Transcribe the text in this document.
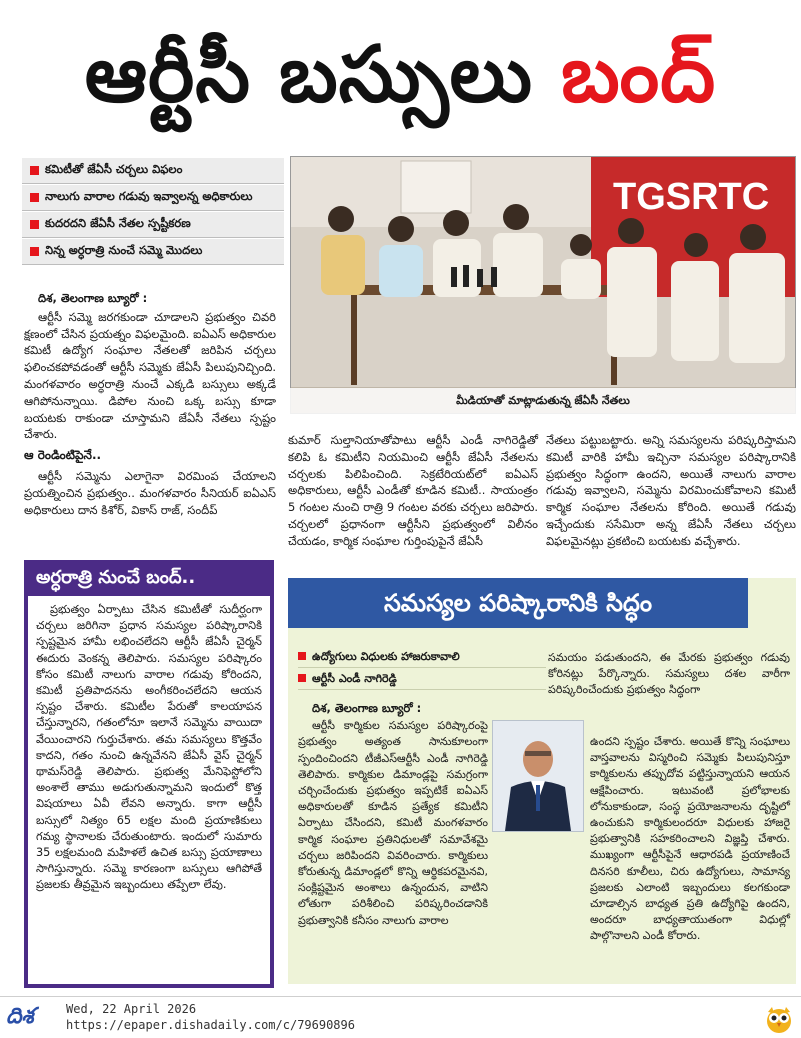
ఆర్టీసీ బస్సులు బంద్
కమిటీతో జేఏసీ చర్చలు విఫలం
నాలుగు వారాల గడువు ఇవ్వాలన్న అధికారులు
కుదరదని జేఏసీ నేతల స్పష్టీకరణ
నిన్న అర్ధరాత్రి నుంచే సమ్మె మొదలు
TGSRTC
మీడియాతో మాట్లాడుతున్న జేఏసీ నేతలు
దిశ, తెలంగాణ బ్యూరో :

ఆర్టీసీ సమ్మె జరగకుండా చూడాలని ప్రభుత్వం చివరి క్షణంలో చేసిన ప్రయత్నం విఫలమైంది. ఐఏఎస్ అధికారుల కమిటీ ఉద్యోగ సంఘాల నేతలతో జరిపిన చర్చలు ఫలించకపోవడంతో ఆర్టీసీ సమ్మెకు జేఏసీ పిలుపునిచ్చింది. మంగళవారం అర్ధరాత్రి నుంచే ఎక్కడి బస్సులు అక్కడే ఆగిపోనున్నాయి. డిపోల నుంచి ఒక్క బస్సు కూడా బయటకు రాకుండా చూస్తామని జేఏసీ నేతలు స్పష్టం చేశారు.

ఆ రెండింటిపైనే..

ఆర్టీసీ సమ్మెను ఎలాగైనా విరమింప చేయాలని ప్రయత్నించిన ప్రభుత్వం.. మంగళవారం సీనియర్ ఐఏఎస్ అధికారులు దాన కిశోర్, వికాస్ రాజ్, సందీప్

కుమార్ సుల్తానియాతోపాటు ఆర్టీసీ ఎండీ నాగిరెడ్డితో కలిపి ఓ కమిటీని నియమించి ఆర్టీసీ జేఏసీ నేతలను చర్చలకు పిలిపించింది. సెక్రటేరియట్‌లో ఐఏఎస్ అధికారులు, ఆర్టీసీ ఎండీతో కూడిన కమిటీ.. సాయంత్రం 5 గంటల నుంచి రాత్రి 9 గంటల వరకు చర్చలు జరిపారు. చర్చలలో ప్రధానంగా ఆర్టీసీని ప్రభుత్వంలో విలీనం చేయడం, కార్మిక సంఘాల గుర్తింపుపైనే జేఏసీ

నేతలు పట్టుబట్టారు. అన్ని సమస్యలను పరిష్కరిస్తామని కమిటీ వారికి హామీ ఇచ్చినా సమస్యల పరిష్కారానికి ప్రభుత్వం సిద్ధంగా ఉందని, అయితే నాలుగు వారాల గడువు ఇవ్వాలని, సమ్మెను విరమించుకోవాలని కమిటీ కార్మిక సంఘాల నేతలను కోరింది. అయితే గడువు ఇచ్చేందుకు ససేమిరా అన్న జేఏసీ నేతలు చర్చలు విఫలమైనట్లు ప్రకటించి బయటకు వచ్చేశారు.

అర్ధరాత్రి నుంచే బంద్..

ప్రభుత్వం ఏర్పాటు చేసిన కమిటీతో సుదీర్ఘంగా చర్చలు జరిగినా ప్రధాన సమస్యల పరిష్కారానికి స్పష్టమైన హామీ లభించలేదని ఆర్టీసీ జేఏసీ చైర్మన్ ఈదురు వెంకన్న తెలిపారు. సమస్యల పరిష్కారం కోసం కమిటీ నాలుగు వారాల గడువు కోరిందని, కమిటీ ప్రతిపాదనను అంగీకరించలేదని ఆయన స్పష్టం చేశారు. కమిటీల పేరుతో కాలయాపన చేస్తున్నారని, గతంలోనూ ఇలానే సమ్మెను వాయిదా వేయించారని గుర్తుచేశారు. తమ సమస్యలు కొత్తవేం కాదని, గతం నుంచి ఉన్నవేనని జేఏసీ వైస్ చైర్మన్ థామస్‌రెడ్డి తెలిపారు. ప్రభుత్వ మేనిఫెస్టోలోని అంశాలే తాము అడుగుతున్నామని ఇందులో కొత్త విషయాలు ఏవీ లేవని అన్నారు. కాగా ఆర్టీసీ బస్సులో నిత్యం 65 లక్షల మంది ప్రయాణికులు గమ్య స్థానాలకు చేరుతుంటారు. ఇందులో సుమారు 35 లక్షలమంది మహిళలే ఉచిత బస్సు ప్రయాణాలు సాగిస్తున్నారు. సమ్మె కారణంగా బస్సులు ఆగిపోతే ప్రజలకు తీవ్రమైన ఇబ్బందులు తప్పేలా లేవు.

సమస్యల పరిష్కారానికి సిద్ధం
ఉద్యోగులు విధులకు హాజరుకావాలి
ఆర్టీసీ ఎండీ నాగిరెడ్డి
దిశ, తెలంగాణ బ్యూరో :

ఆర్టీసీ కార్మికుల సమస్యల పరిష్కారంపై ప్రభుత్వం అత్యంత సానుకూలంగా స్పందించిందని టీజీఎస్ఆర్టీసీ ఎండీ నాగిరెడ్డి తెలిపారు. కార్మికుల డిమాండ్లపై సమగ్రంగా చర్చించేందుకు ప్రభుత్వం ఇప్పటికే ఐఏఎస్ అధికారులతో కూడిన ప్రత్యేక కమిటీని ఏర్పాటు చేసిందని, కమిటీ మంగళవారం కార్మిక సంఘాల ప్రతినిధులతో సమావేశమై చర్చలు జరిపిందని వివరించారు. కార్మికులు కోరుతున్న డిమాండ్లలో కొన్ని ఆర్థికపరమైనవి, సంక్లిష్టమైన అంశాలు ఉన్నందున, వాటిని లోతుగా పరిశీలించి పరిష్కరించడానికి ప్రభుత్వానికి కనీసం నాలుగు వారాల

సమయం పడుతుందని, ఈ మేరకు ప్రభుత్వం గడువు కోరినట్లు పేర్కొన్నారు. సమస్యలు దశల వారీగా పరిష్కరించేందుకు ప్రభుత్వం సిద్ధంగా

ఉందని స్పష్టం చేశారు. అయితే కొన్ని సంఘాలు వాస్తవాలను విస్మరించి సమ్మెకు పిలుపునిస్తూ కార్మికులను తప్పుదోవ పట్టిస్తున్నాయని ఆయన ఆక్షేపించారు. ఇటువంటి ప్రలోభాలకు లోనుకాకుండా, సంస్థ ప్రయోజనాలను దృష్టిలో ఉంచుకుని కార్మికులందరూ విధులకు హాజరై ప్రభుత్వానికి సహకరించాలని విజ్ఞప్తి చేశారు. ముఖ్యంగా ఆర్టీసీపైనే ఆధారపడి ప్రయాణించే దినసరి కూలీలు, చిరు ఉద్యోగులు, సామాన్య ప్రజలకు ఎలాంటి ఇబ్బందులు కలగకుండా చూడాల్సిన బాధ్యత ప్రతి ఉద్యోగిపై ఉందని, అందరూ బాధ్యతాయుతంగా విధుల్లో పాల్గొనాలని ఎండీ కోరారు.

దిశ	Wed, 22 April 2026
https://epaper.dishadaily.com/c/79690896
